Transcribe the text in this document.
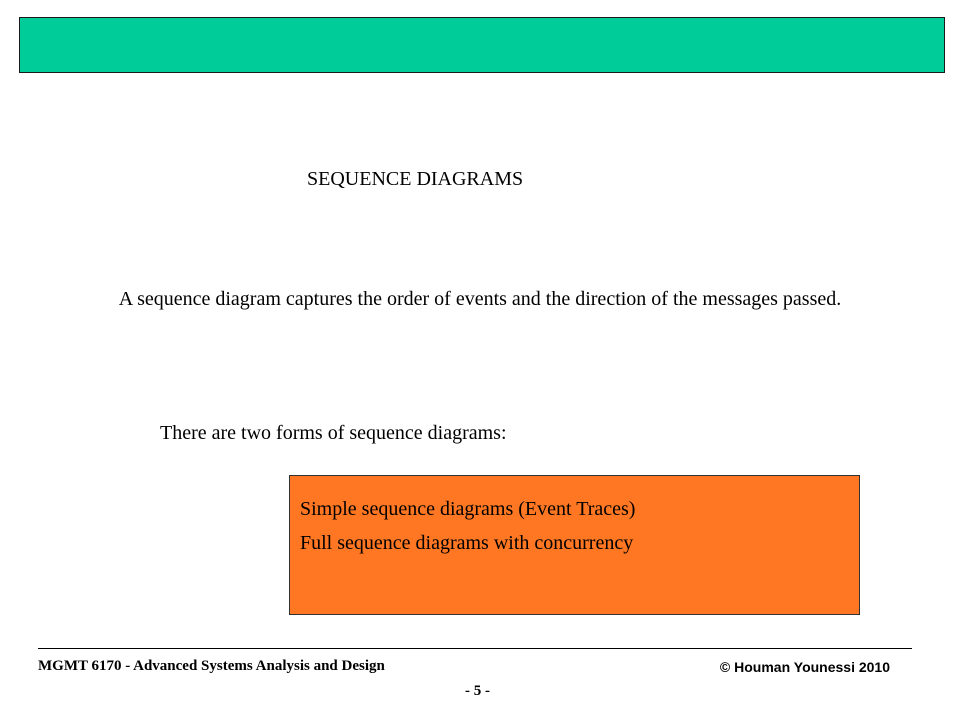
SEQUENCE DIAGRAMS
A sequence diagram captures the order of events and the direction of the messages passed.
There are two forms of sequence diagrams:
Simple sequence diagrams (Event Traces)
Full sequence diagrams with concurrency
MGMT 6170 - Advanced Systems Analysis and Design	© Houman Younessi 2010
- 5 -
